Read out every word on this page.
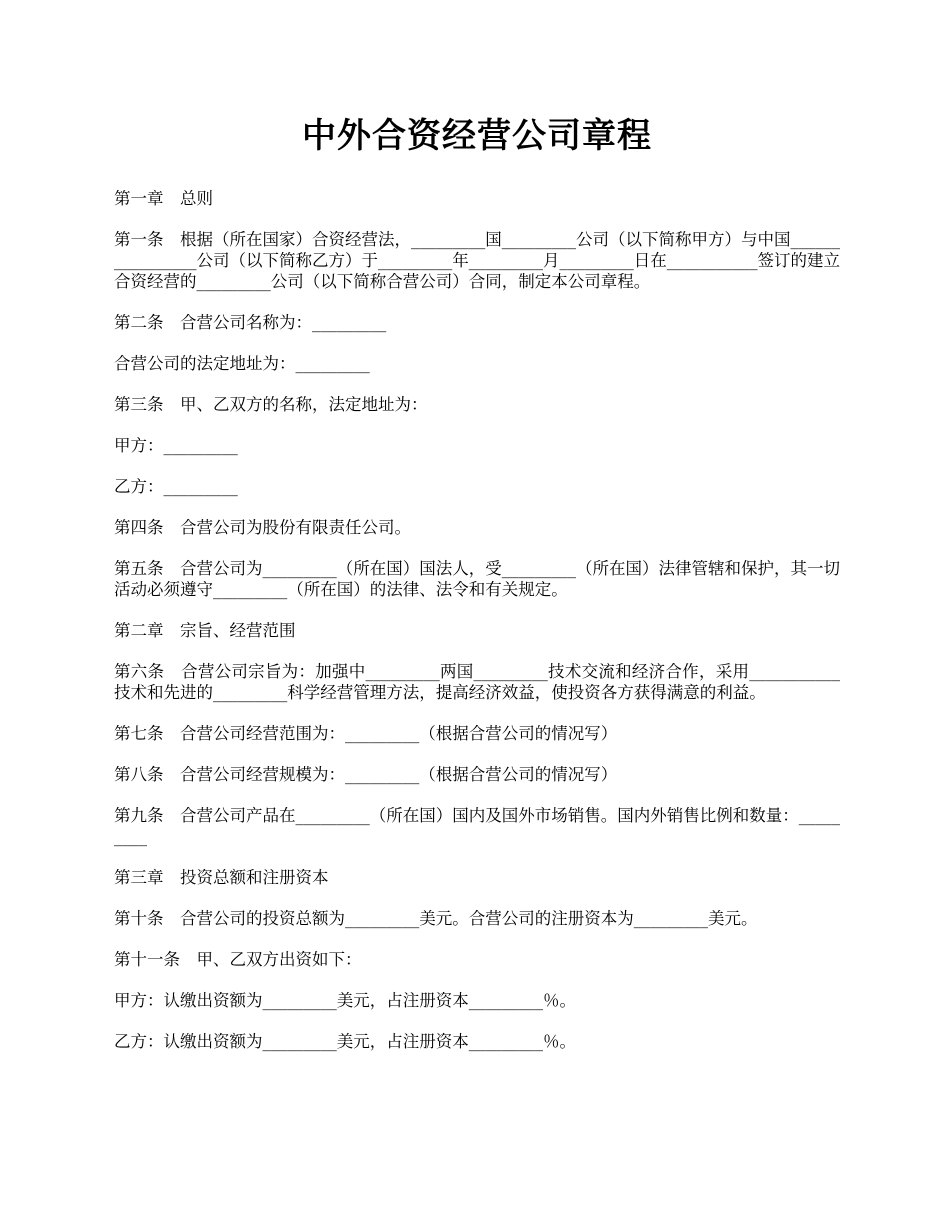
中外合资经营公司章程

第一章　总则

第一条　根据（所在国家）合资经营法，_________国_________公司（以下简称甲方）与中国________________公司（以下简称乙方）于_________年_________月_________日在___________签订的建立合资经营的_________公司（以下简称合营公司）合同，制定本公司章程。

第二条　合营公司名称为：_________

合营公司的法定地址为：_________

第三条　甲、乙双方的名称，法定地址为：

甲方：_________

乙方：_________

第四条　合营公司为股份有限责任公司。

第五条　合营公司为_________（所在国）国法人，受_________（所在国）法律管辖和保护，其一切活动必须遵守_________（所在国）的法律、法令和有关规定。

第二章　宗旨、经营范围

第六条　合营公司宗旨为：加强中_________两国_________技术交流和经济合作，采用___________技术和先进的_________科学经营管理方法，提高经济效益，使投资各方获得满意的利益。

第七条　合营公司经营范围为：_________（根据合营公司的情况写）

第八条　合营公司经营规模为：_________（根据合营公司的情况写）

第九条　合营公司产品在_________（所在国）国内及国外市场销售。国内外销售比例和数量：_________

第三章　投资总额和注册资本

第十条　合营公司的投资总额为_________美元。合营公司的注册资本为_________美元。

第十一条　甲、乙双方出资如下：

甲方：认缴出资额为_________美元，占注册资本_________％。

乙方：认缴出资额为_________美元，占注册资本_________％。
